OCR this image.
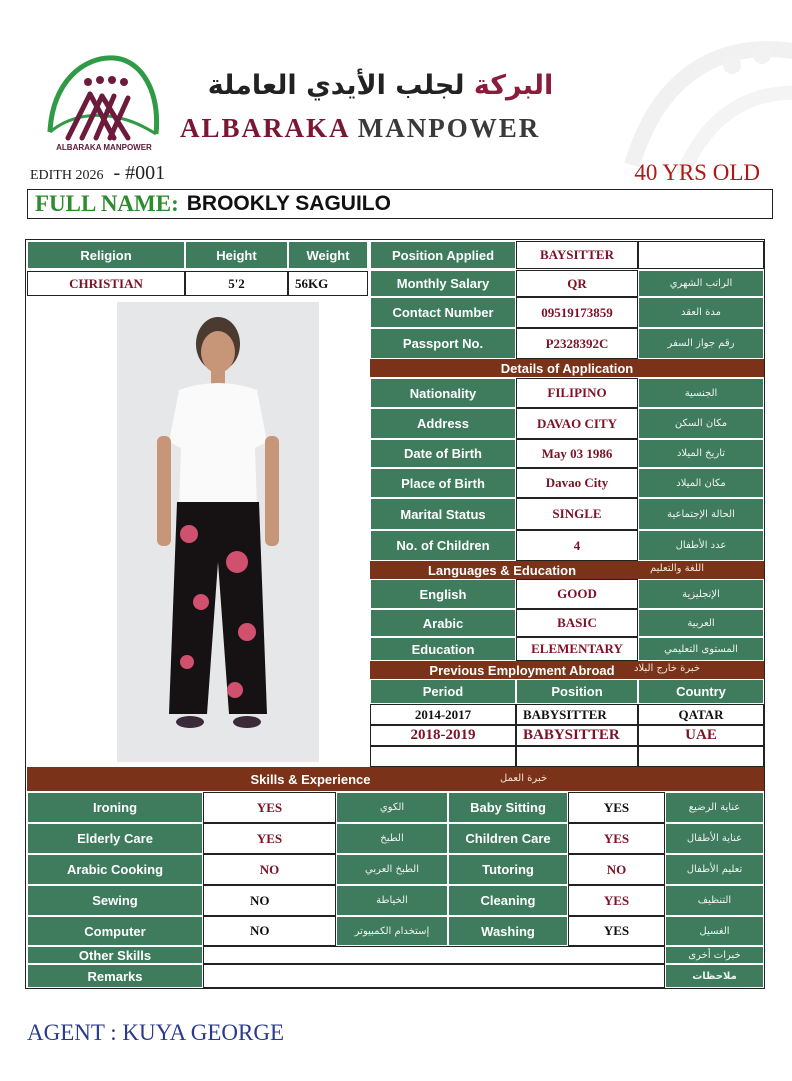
ALBARAKA MANPOWER
البركة لجلب الأيدي العاملة
ALBARAKA MANPOWER
EDITH 2026 - #001	40 YRS OLD
FULL NAME: BROOKLY SAGUILO
Religion	Height	Weight
CHRISTIAN	5'2	56KG
Position Applied	BAYSITTER
Monthly Salary	QR	الراتب الشهري
Contact Number	09519173859	مدة العقد
Passport No.	P2328392C	رقم جواز السفر
Details of Application
Nationality	FILIPINO	الجنسية
Address	DAVAO CITY	مكان السكن
Date of Birth	May 03 1986	تاريخ الميلاد
Place of Birth	Davao City	مكان الميلاد
Marital Status	SINGLE	الحالة الإجتماعية
No. of Children	4	عدد الأطفال
Languages & Education	اللغة والتعليم
English	GOOD	الإنجليزية
Arabic	BASIC	العربية
Education	ELEMENTARY	المستوى التعليمي
Previous Employment Abroad	خبرة خارج البلاد
Period	Position	Country
2014-2017	BABYSITTER	QATAR
2018-2019	BABYSITTER	UAE
Skills & Experience	خبرة العمل
Ironing	YES	الكوي	Baby Sitting	YES	عناية الرضيع
Elderly Care	YES	الطبخ	Children Care	YES	عناية الأطفال
Arabic Cooking	NO	الطبخ العربي	Tutoring	NO	تعليم الأطفال
Sewing	NO	الخياطة	Cleaning	YES	التنظيف
Computer	NO	إستخدام الكمبيوتر	Washing	YES	الغسيل
Other Skills	خبرات أخرى
Remarks	ملاحظات
AGENT : KUYA GEORGE
